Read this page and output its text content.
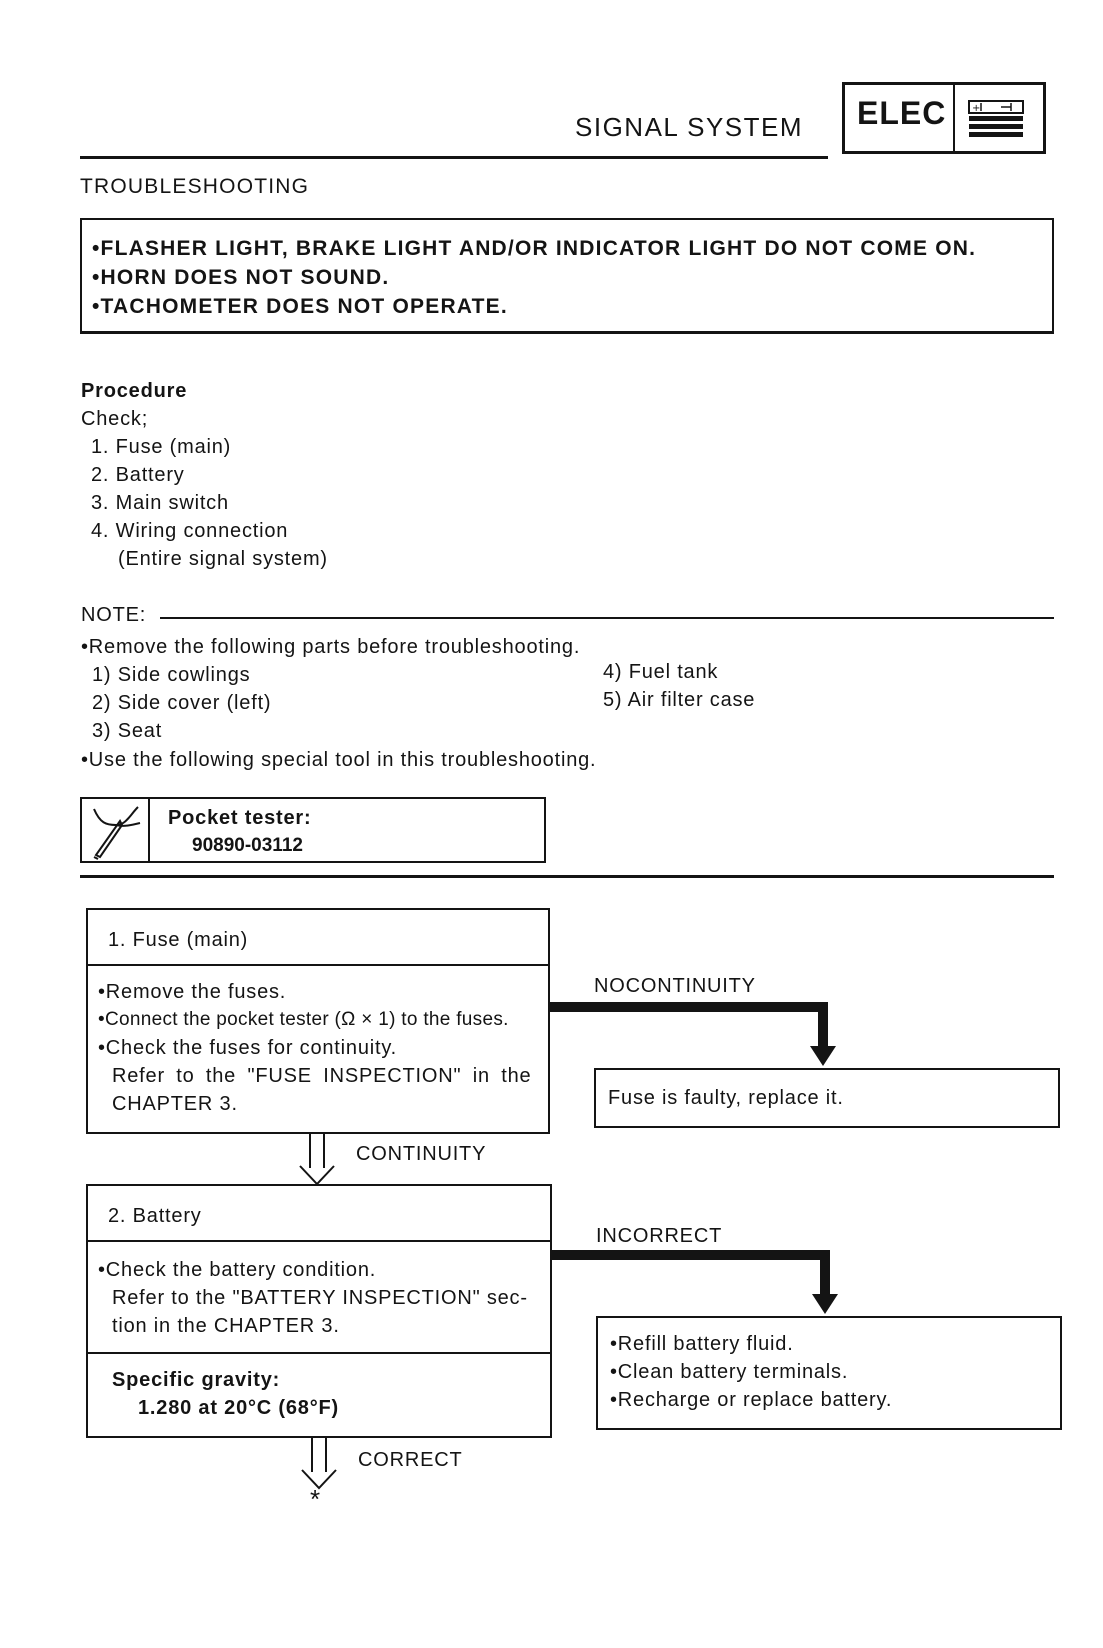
SIGNAL SYSTEM ELEC	+
TROUBLESHOOTING
•FLASHER LIGHT, BRAKE LIGHT AND/OR INDICATOR LIGHT DO NOT COME ON.
•HORN DOES NOT SOUND.
•TACHOMETER DOES NOT OPERATE.
Procedure
Check;
1. Fuse (main)
2. Battery
3. Main switch
4. Wiring connection
(Entire signal system)
NOTE:
•Remove the following parts before troubleshooting.
1) Side cowlings
2) Side cover (left)
3) Seat
4) Fuel tank
5) Air filter case
•Use the following special tool in this troubleshooting.
Pocket tester:
90890-03112
1. Fuse (main)
•Remove the fuses.
•Connect the pocket tester (Ω × 1) to the fuses.
•Check the fuses for continuity.
Refer to the "FUSE INSPECTION" in the
CHAPTER 3.
NOCONTINUITY
Fuse is faulty, replace it.
CONTINUITY
2. Battery
•Check the battery condition.
Refer to the "BATTERY INSPECTION" sec-
tion in the CHAPTER 3.
Specific gravity:
1.280 at 20°C (68°F)
INCORRECT
•Refill battery fluid.
•Clean battery terminals.
•Recharge or replace battery.
CORRECT
*
